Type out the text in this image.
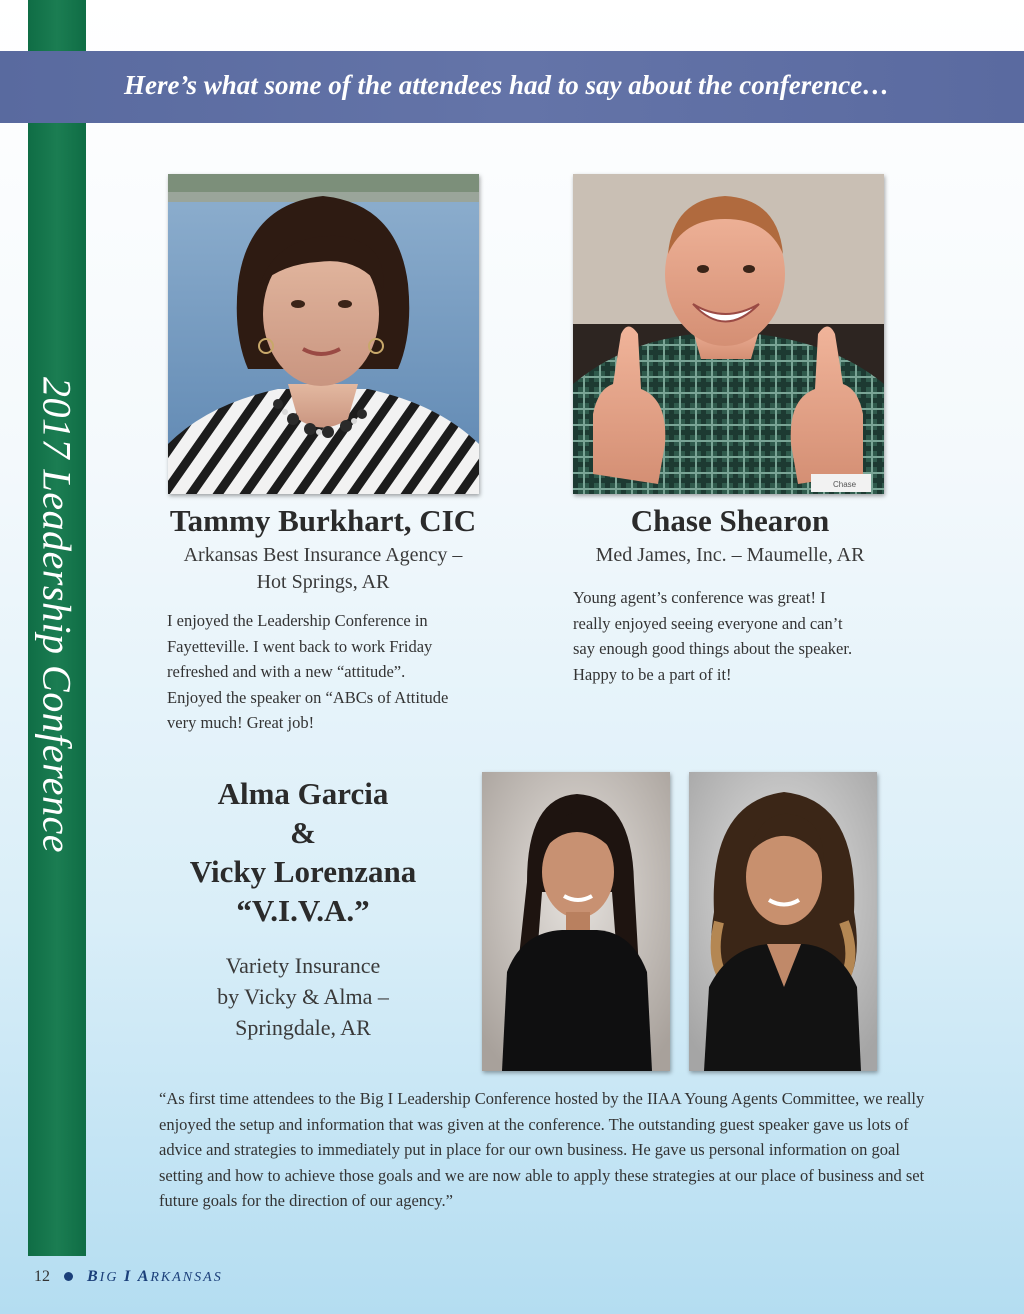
2017 Leadership Conference
Here’s what some of the attendees had to say about the conference…
Chase
Tammy Burkhart, CIC
Arkansas Best Insurance Agency –
Hot Springs, AR
I enjoyed the Leadership Conference in
Fayetteville. I went back to work Friday
refreshed and with a new “attitude”.
Enjoyed the speaker on “ABCs of Attitude
very much! Great job!
Chase Shearon
Med James, Inc. – Maumelle, AR
Young agent’s conference was great! I
really enjoyed seeing everyone and can’t
say enough good things about the speaker.
Happy to be a part of it!
Alma Garcia
&
Vicky Lorenzana
“V.I.V.A.”
Variety Insurance
by Vicky & Alma –
Springdale, AR
“As first time attendees to the Big I Leadership Conference hosted by the IIAA Young Agents Committee, we really
enjoyed the setup and information that was given at the conference. The outstanding guest speaker gave us lots of
advice and strategies to immediately put in place for our own business. He gave us personal information on goal
setting and how to achieve those goals and we are now able to apply these strategies at our place of business and set
future goals for the direction of our agency.”
12 BIG I ARKANSAS
